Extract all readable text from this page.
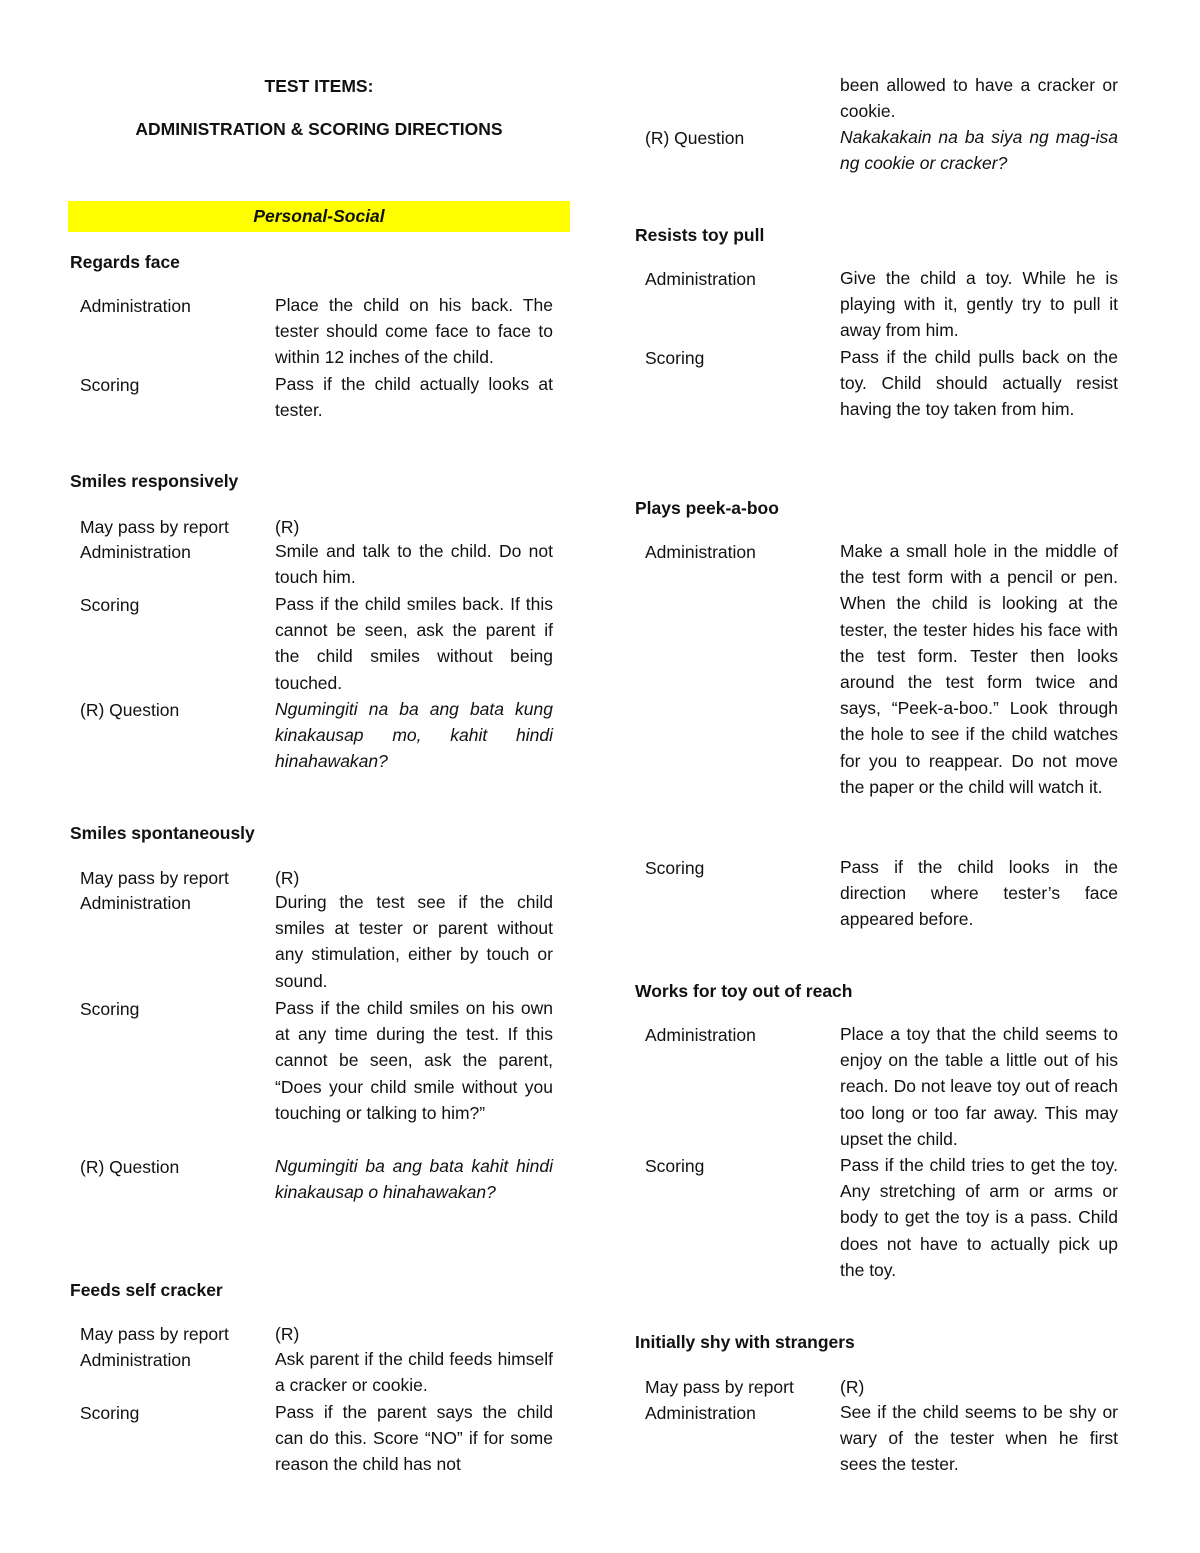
TEST ITEMS:
ADMINISTRATION & SCORING DIRECTIONS
Personal-Social
Regards face
Administration	Place the child on his back. The tester should come face to face to within 12 inches of the child.
Scoring	Pass if the child actually looks at tester.
Smiles responsively
May pass by report	(R)
Administration	Smile and talk to the child. Do not touch him.
Scoring	Pass if the child smiles back. If this cannot be seen, ask the parent if the child smiles without being touched.
(R) Question	Ngumingiti na ba ang bata kung kinakausap mo, kahit hindi hinahawakan?
Smiles spontaneously
May pass by report	(R)
Administration	During the test see if the child smiles at tester or parent without any stimulation, either by touch or sound.
Scoring	Pass if the child smiles on his own at any time during the test. If this cannot be seen, ask the parent, “Does your child smile without you touching or talking to him?”
(R) Question	Ngumingiti ba ang bata kahit hindi kinakausap o hinahawakan?
Feeds self cracker
May pass by report	(R)
Administration	Ask parent if the child feeds himself a cracker or cookie.
Scoring	Pass if the parent says the child can do this. Score “NO” if for some reason the child has not
been allowed to have a cracker or cookie.
(R) Question	Nakakakain na ba siya ng mag-isa ng cookie or cracker?
Resists toy pull
Administration	Give the child a toy. While he is playing with it, gently try to pull it away from him.
Scoring	Pass if the child pulls back on the toy. Child should actually resist having the toy taken from him.
Plays peek-a-boo
Administration	Make a small hole in the middle of the test form with a pencil or pen. When the child is looking at the tester, the tester hides his face with the test form. Tester then looks around the test form twice and says, “Peek-a-boo.” Look through the hole to see if the child watches for you to reappear. Do not move the paper or the child will watch it.
Scoring	Pass if the child looks in the direction where tester’s face appeared before.
Works for toy out of reach
Administration	Place a toy that the child seems to enjoy on the table a little out of his reach. Do not leave toy out of reach too long or too far away. This may upset the child.
Scoring	Pass if the child tries to get the toy. Any stretching of arm or arms or body to get the toy is a pass. Child does not have to actually pick up the toy.
Initially shy with strangers
May pass by report	(R)
Administration	See if the child seems to be shy or wary of the tester when he first sees the tester.
